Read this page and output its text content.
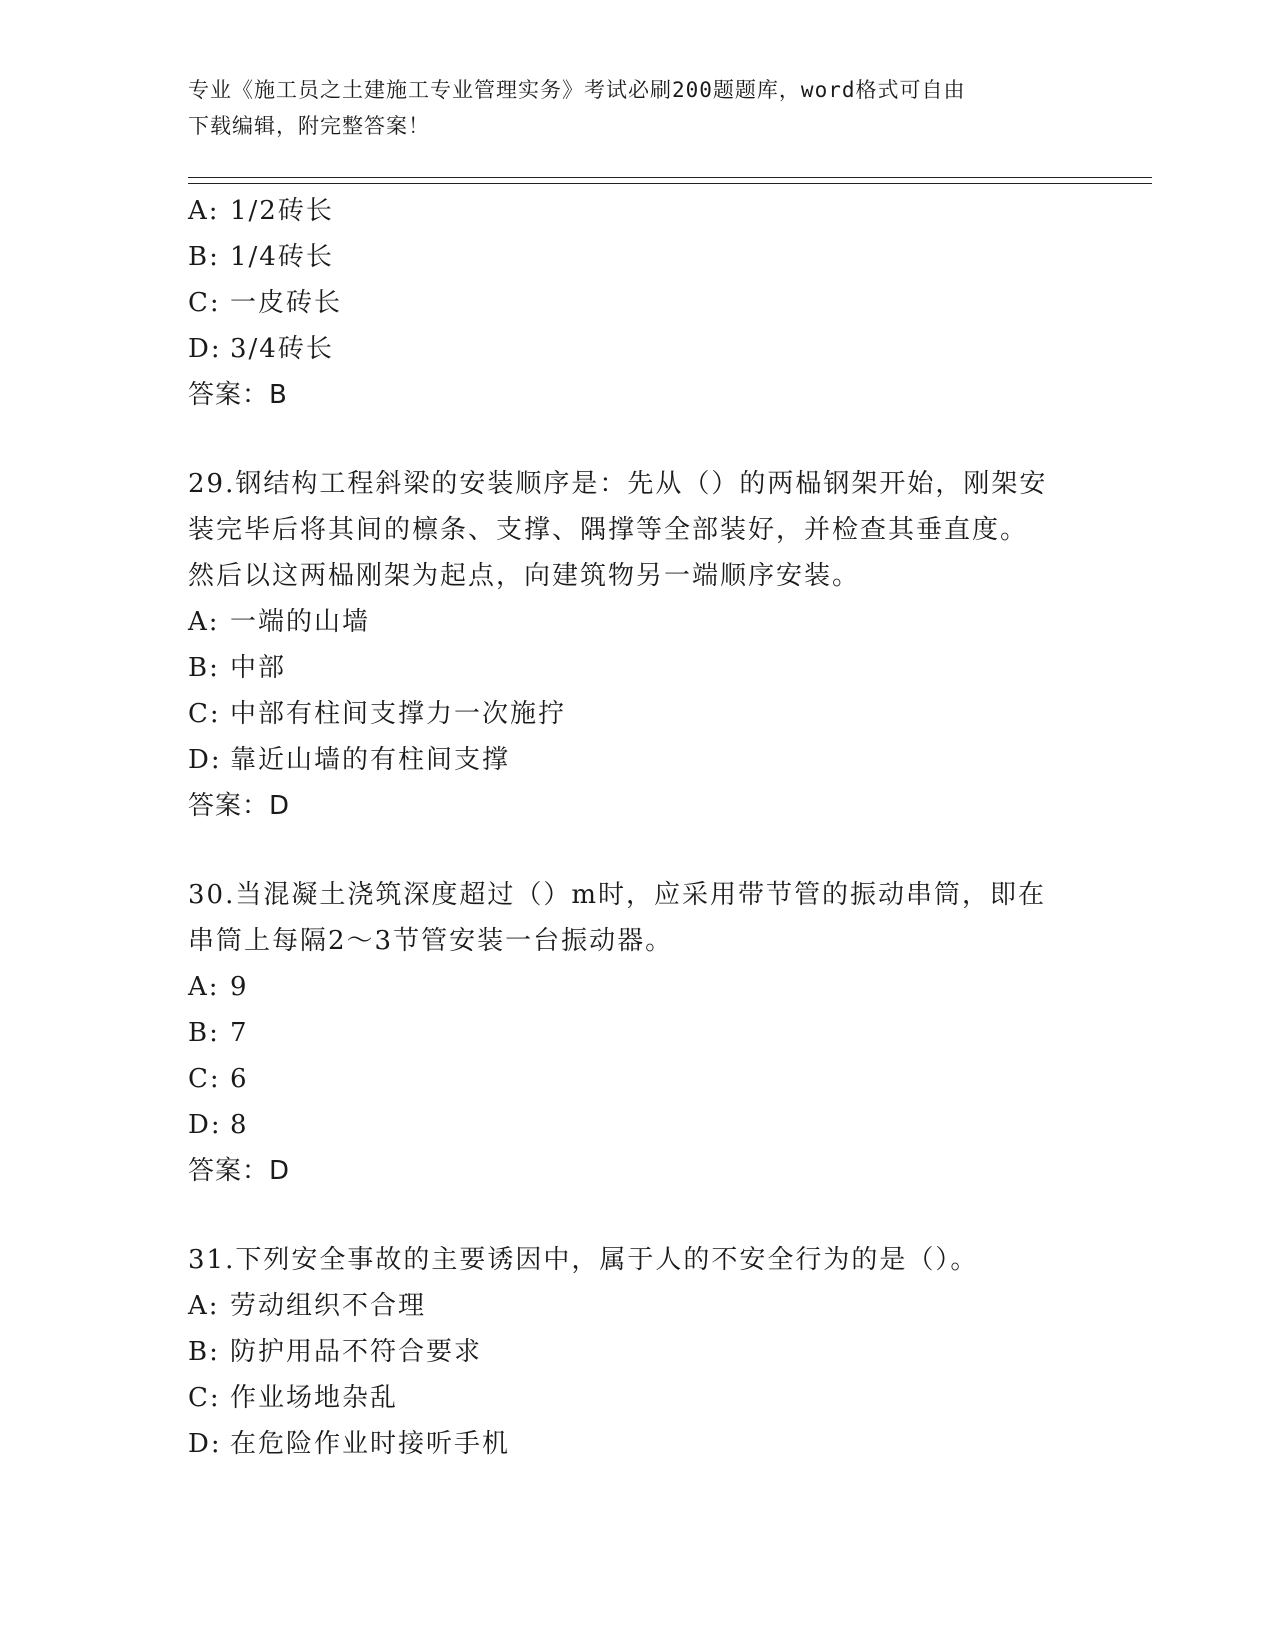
专业《施工员之土建施工专业管理实务》考试必刷200题题库，word格式可自由

下载编辑，附完整答案！

A: 1/2砖长

B: 1/4砖长

C: 一皮砖长

D: 3/4砖长

答案：B

29.钢结构工程斜梁的安装顺序是：先从（）的两榀钢架开始，刚架安

装完毕后将其间的檩条、支撑、隅撑等全部装好，并检查其垂直度。

然后以这两榀刚架为起点，向建筑物另一端顺序安装。

A: 一端的山墙

B: 中部

C: 中部有柱间支撑力一次施拧

D: 靠近山墙的有柱间支撑

答案：D

30.当混凝土浇筑深度超过（）m时，应采用带节管的振动串筒，即在

串筒上每隔2～3节管安装一台振动器。

A: 9

B: 7

C: 6

D: 8

答案：D

31.下列安全事故的主要诱因中，属于人的不安全行为的是（）。

A: 劳动组织不合理

B: 防护用品不符合要求

C: 作业场地杂乱

D: 在危险作业时接听手机
